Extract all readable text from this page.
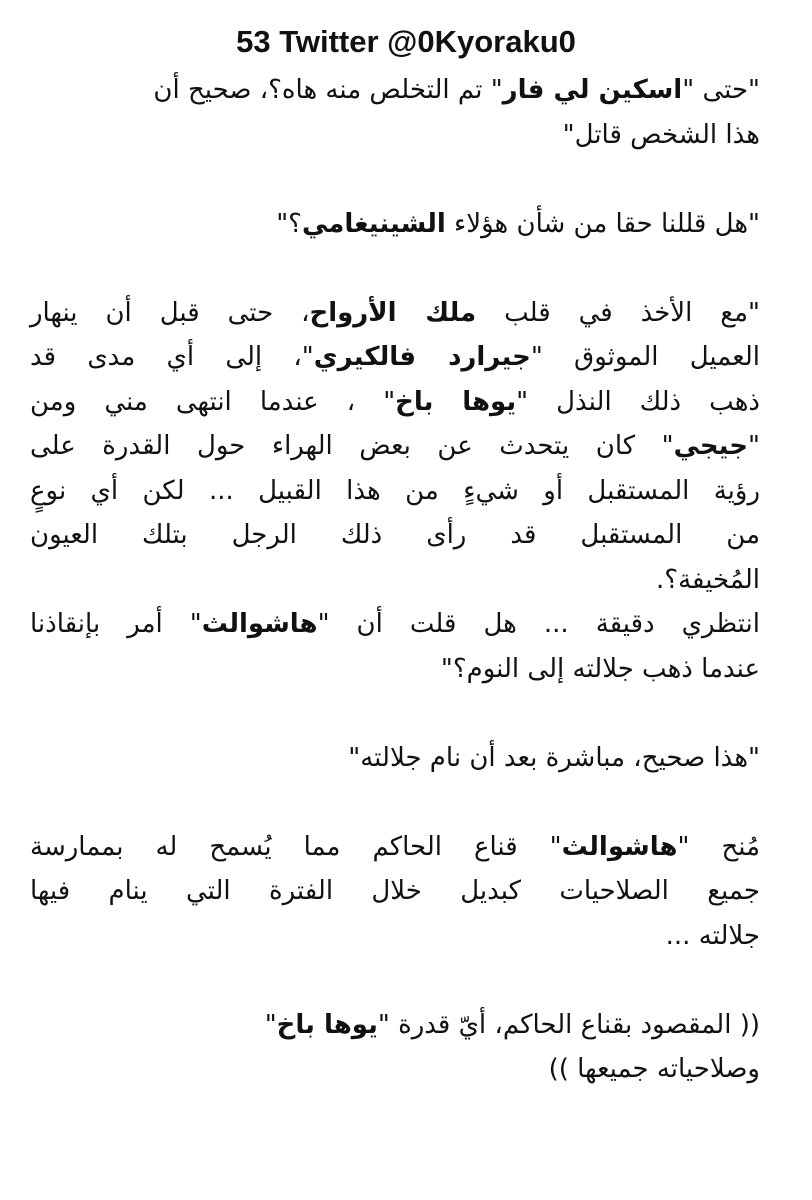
53 Twitter @0Kyoraku0
"حتى "اسكين لي فار" تم التخلص منه هاه؟، صحيح أن
هذا الشخص قاتل"
"هل قللنا حقا من شأن هؤلاء الشينيغامي؟"
"مع الأخذ في قلب ملك الأرواح، حتى قبل أن ينهار
العميل الموثوق "جيرارد فالكيري"، إلى أي مدى قد
ذهب ذلك النذل "يوها باخ" ، عندما انتهى مني ومن
"جيجي" كان يتحدث عن بعض الهراء حول القدرة على
رؤية المستقبل أو شيءٍ من هذا القبيل ... لكن أي نوعٍ
من المستقبل قد رأى ذلك الرجل بتلك العيون
المُخيفة؟.
انتظري دقيقة ... هل قلت أن "هاشوالث" أمر بإنقاذنا
عندما ذهب جلالته إلى النوم؟"
"هذا صحيح، مباشرة بعد أن نام جلالته"
مُنح "هاشوالث" قناع الحاكم مما يُسمح له بممارسة
جميع الصلاحيات كبديل خلال الفترة التي ينام فيها
جلالته ...
(( المقصود بقناع الحاكم، أيّ قدرة "يوها باخ"
وصلاحياته جميعها ))
